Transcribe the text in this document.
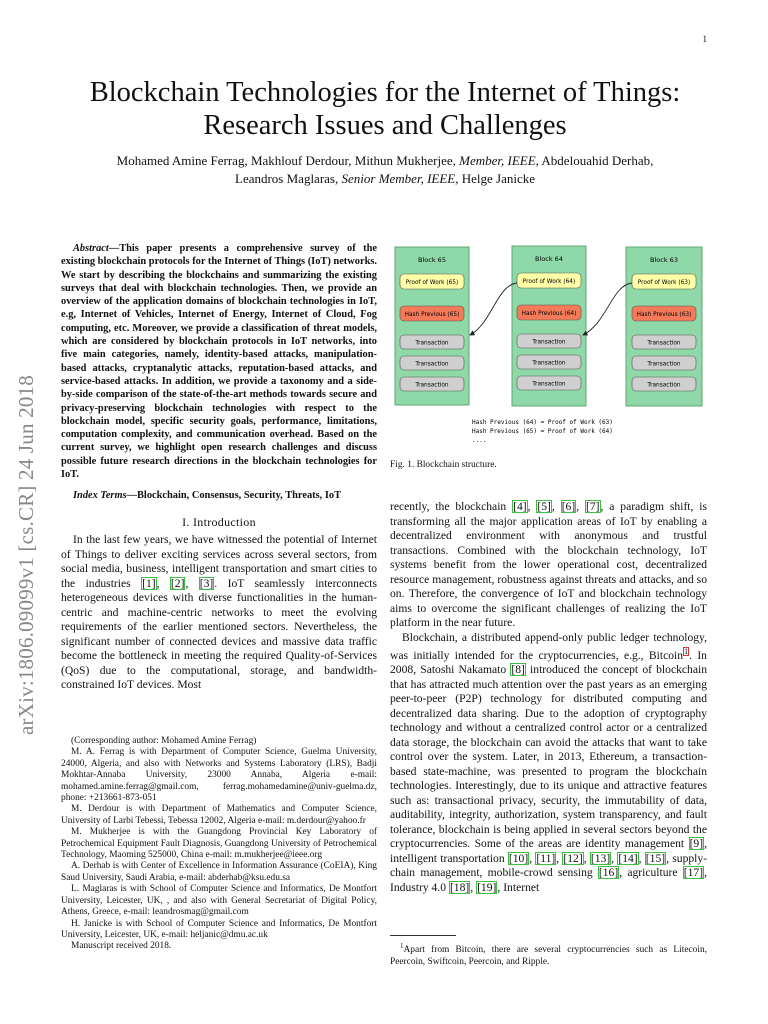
1
arXiv:1806.09099v1 [cs.CR] 24 Jun 2018
Blockchain Technologies for the Internet of Things:
Research Issues and Challenges
Mohamed Amine Ferrag, Makhlouf Derdour, Mithun Mukherjee, Member, IEEE, Abdelouahid Derhab,
Leandros Maglaras, Senior Member, IEEE, Helge Janicke
Abstract—This paper presents a comprehensive survey of the existing blockchain protocols for the Internet of Things (IoT) networks. We start by describing the blockchains and summarizing the existing surveys that deal with blockchain technologies. Then, we provide an overview of the application domains of blockchain technologies in IoT, e.g, Internet of Vehicles, Internet of Energy, Internet of Cloud, Fog computing, etc. Moreover, we provide a classification of threat models, which are considered by blockchain protocols in IoT networks, into five main categories, namely, identity-based attacks, manipulation-based attacks, cryptanalytic attacks, reputation-based attacks, and service-based attacks. In addition, we provide a taxonomy and a side-by-side comparison of the state-of-the-art methods towards secure and privacy-preserving blockchain technologies with respect to the blockchain model, specific security goals, performance, limitations, computation complexity, and communication overhead. Based on the current survey, we highlight open research challenges and discuss possible future research directions in the blockchain technologies for IoT.
Index Terms—Blockchain, Consensus, Security, Threats, IoT
I. Introduction

In the last few years, we have witnessed the potential of Internet of Things to deliver exciting services across several sectors, from social media, business, intelligent transportation and smart cities to the industries [1], [2], [3]. IoT seamlessly interconnects heterogeneous devices with diverse functionalities in the human-centric and machine-centric networks to meet the evolving requirements of the earlier mentioned sectors. Nevertheless, the significant number of connected devices and massive data traffic become the bottleneck in meeting the required Quality-of-Services (QoS) due to the computational, storage, and bandwidth-constrained IoT devices. Most

(Corresponding author: Mohamed Amine Ferrag)

M. A. Ferrag is with Department of Computer Science, Guelma University, 24000, Algeria, and also with Networks and Systems Laboratory (LRS), Badji Mokhtar-Annaba University, 23000 Annaba, Algeria e-mail: mohamed.amine.ferrag@gmail.com, ferrag.mohamedamine@univ-guelma.dz, phone: +213661-873-051

M. Derdour is with Department of Mathematics and Computer Science, University of Larbi Tebessi, Tebessa 12002, Algeria e-mail: m.derdour@yahoo.fr

M. Mukherjee is with the Guangdong Provincial Key Laboratory of Petrochemical Equipment Fault Diagnosis, Guangdong University of Petrochemical Technology, Maoming 525000, China e-mail: m.mukherjee@ieee.org

A. Derhab is with Center of Excellence in Information Assurance (CoEIA), King Saud University, Saudi Arabia, e-mail: abderhab@ksu.edu.sa

L. Maglaras is with School of Computer Science and Informatics, De Montfort University, Leicester, UK, , and also with General Secretariat of Digital Policy, Athens, Greece, e-mail: leandrosmag@gmail.com

H. Janicke is with School of Computer Science and Informatics, De Montfort University, Leicester, UK, e-mail: heljanic@dmu.ac.uk

Manuscript received 2018.

Block 65
Proof of Work (65)
Hash Previous (65)
Transaction
Transaction
Transaction
Block 64
Proof of Work (64)
Hash Previous (64)
Transaction
Transaction
Transaction
Block 63
Proof of Work (63)
Hash Previous (63)
Transaction
Transaction
Transaction
Hash Previous (64) = Proof of Work (63)
Hash Previous (65) = Proof of Work (64)
....
Fig. 1. Blockchain structure.

recently, the blockchain [4], [5], [6], [7], a paradigm shift, is transforming all the major application areas of IoT by enabling a decentralized environment with anonymous and trustful transactions. Combined with the blockchain technology, IoT systems benefit from the lower operational cost, decentralized resource management, robustness against threats and attacks, and so on. Therefore, the convergence of IoT and blockchain technology aims to overcome the significant challenges of realizing the IoT platform in the near future.

Blockchain, a distributed append-only public ledger technology, was initially intended for the cryptocurrencies, e.g., Bitcoin$^1$. In 2008, Satoshi Nakamato [8] introduced the concept of blockchain that has attracted much attention over the past years as an emerging peer-to-peer (P2P) technology for distributed computing and decentralized data sharing. Due to the adoption of cryptography technology and without a centralized control actor or a centralized data storage, the blockchain can avoid the attacks that want to take control over the system. Later, in 2013, Ethereum, a transaction-based state-machine, was presented to program the blockchain technologies. Interestingly, due to its unique and attractive features such as: transactional privacy, security, the immutability of data, auditability, integrity, authorization, system transparency, and fault tolerance, blockchain is being applied in several sectors beyond the cryptocurrencies. Some of the areas are identity management [9], intelligent transportation [10], [11], [12], [13], [14], [15], supply-chain management, mobile-crowd sensing [16], agriculture [17], Industry 4.0 [18], [19], Internet

$^1$Apart from Bitcoin, there are several cryptocurrencies such as Litecoin, Peercoin, Swiftcoin, Peercoin, and Ripple.
